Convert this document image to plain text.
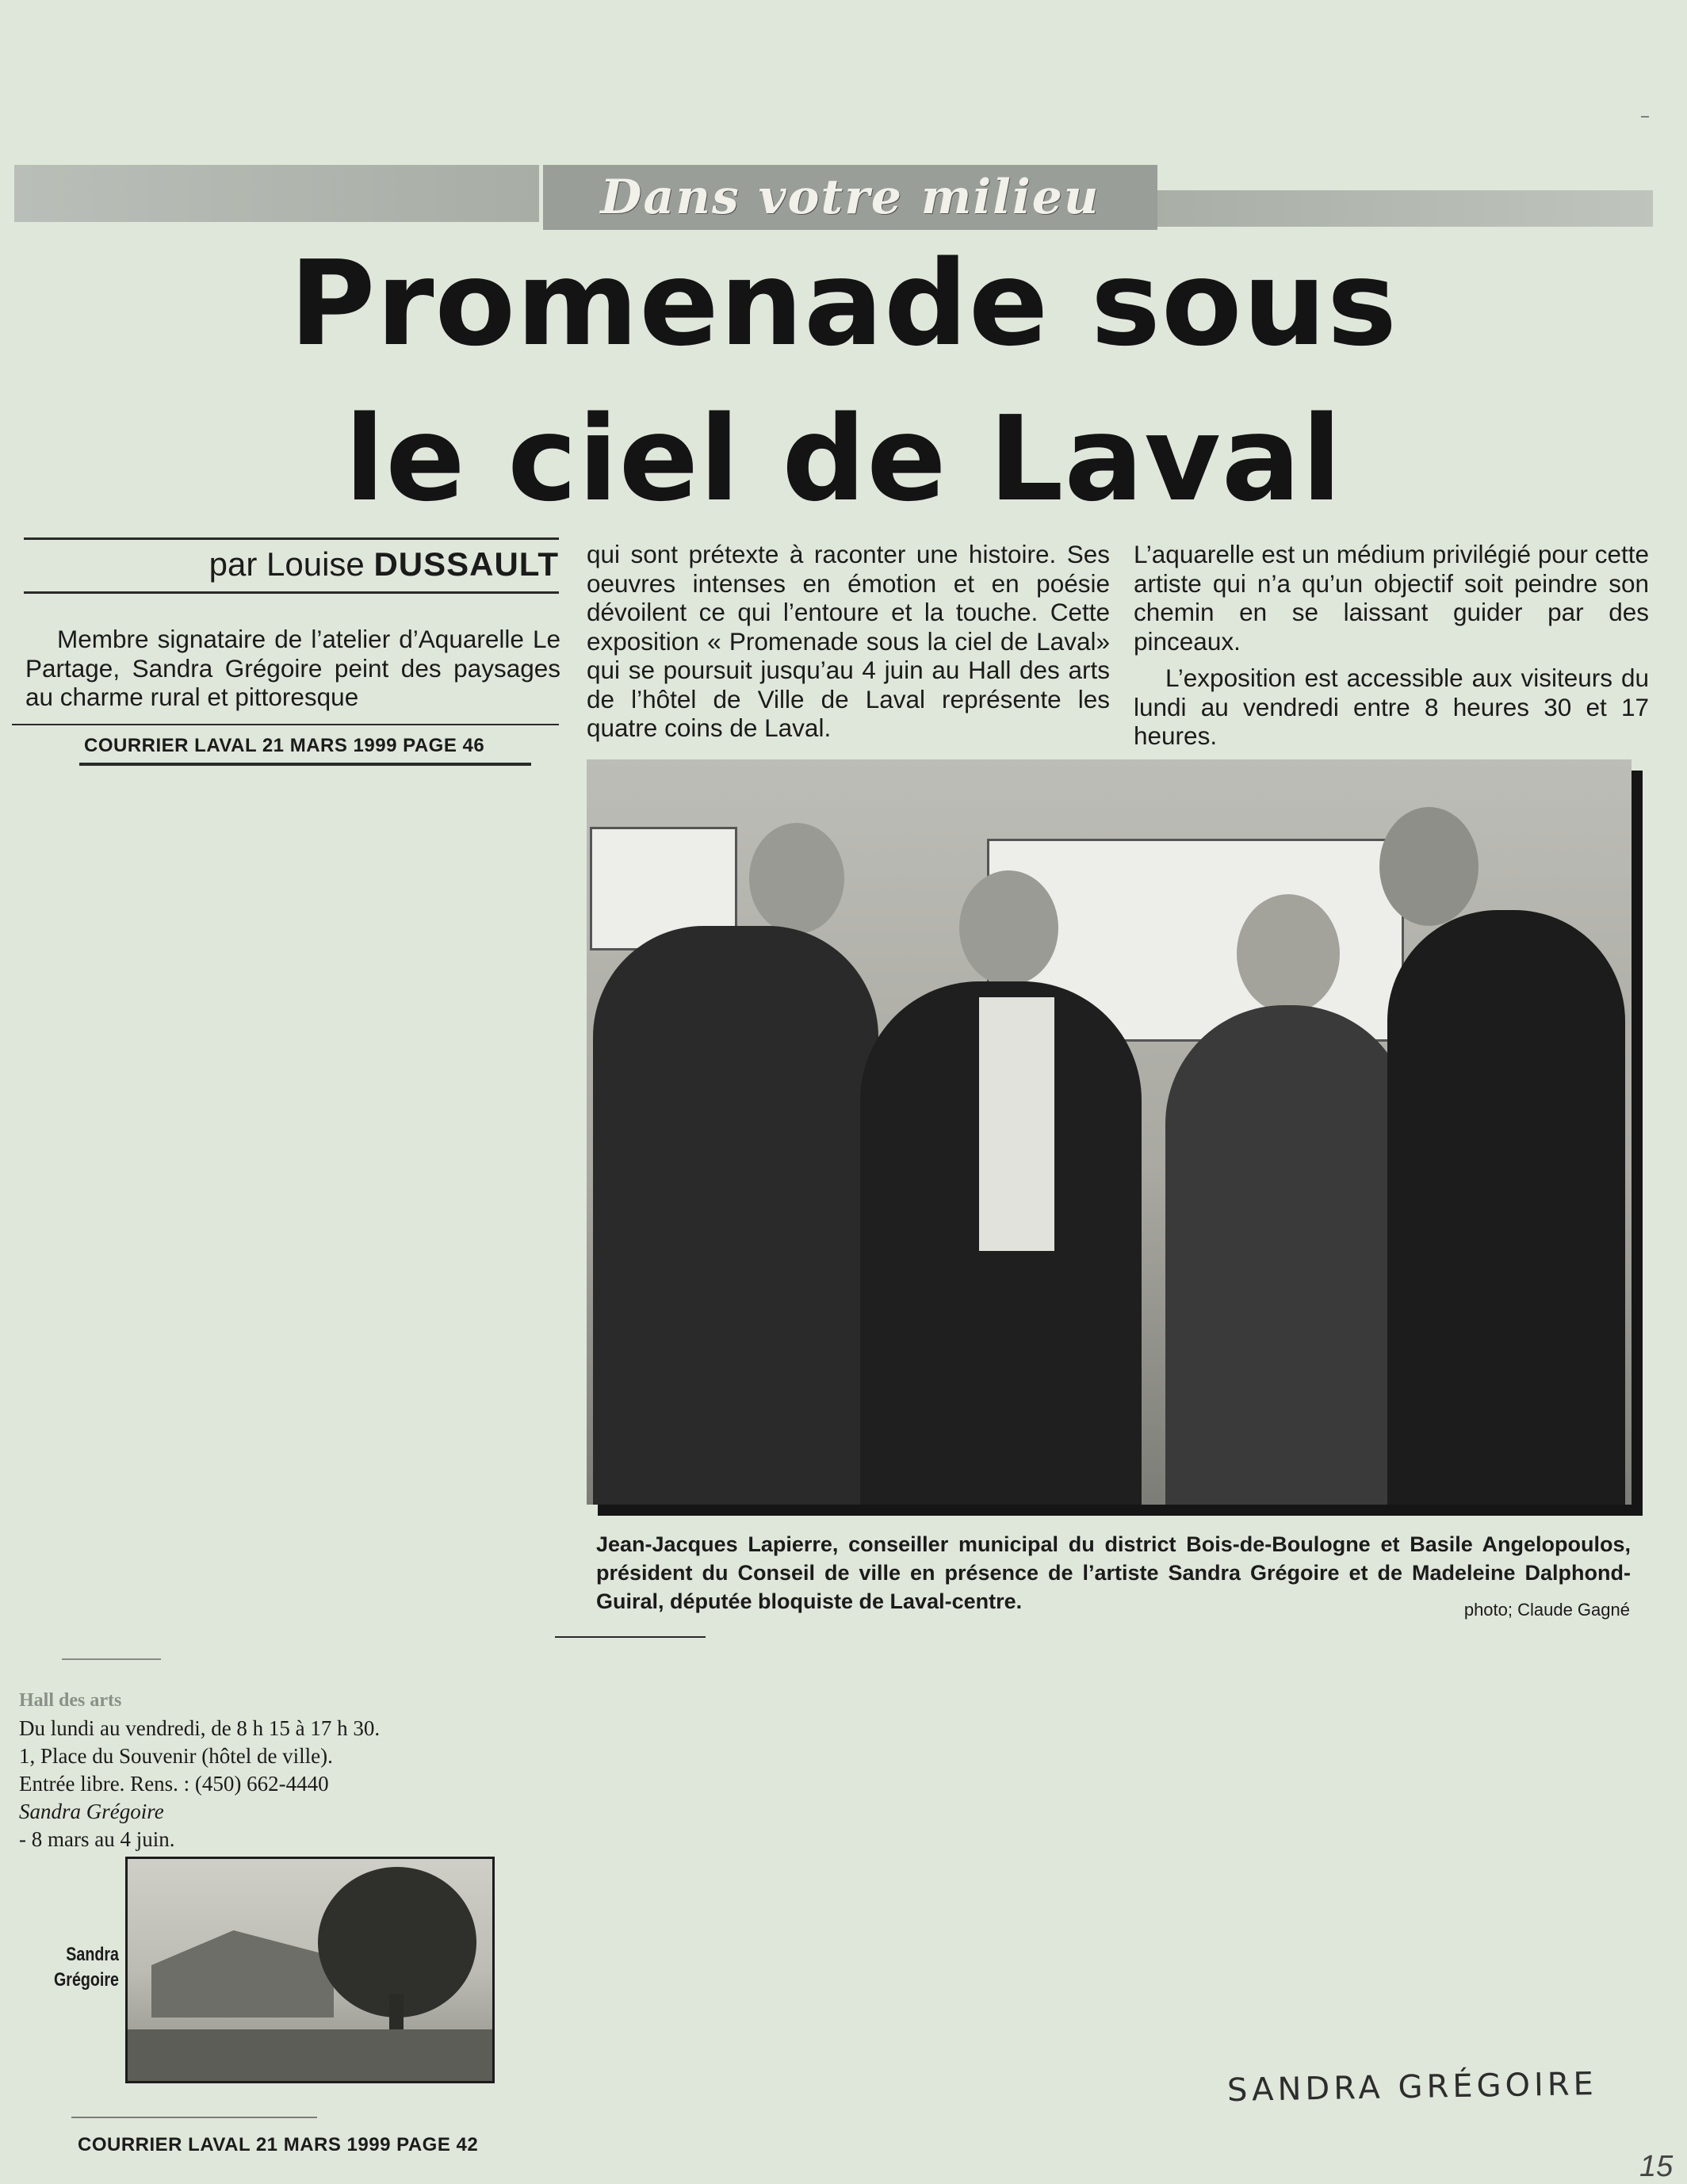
Dans votre milieu
–
Promenade sous
le ciel de Laval
par Louise DUSSAULT

Membre signataire de l’atelier d’Aquarelle Le Partage, Sandra Grégoire peint des paysages au charme rural et pittoresque

COURRIER LAVAL 21 MARS 1999 PAGE 46

qui sont prétexte à raconter une histoire. Ses oeuvres intenses en émotion et en poésie dévoilent ce qui l’entoure et la touche. Cette exposition « Promenade sous la ciel de Laval» qui se poursuit jusqu’au 4 juin au Hall des arts de l’hôtel de Ville de Laval représente les quatre coins de Laval.

L’aquarelle est un médium privilégié pour cette artiste qui n’a qu’un objectif soit peindre son chemin en se laissant guider par des pinceaux.

L’exposition est accessible aux visiteurs du lundi au vendredi entre 8 heures 30 et 17 heures.

Jean-Jacques Lapierre, conseiller municipal du district Bois-de-Boulogne et Basile Angelopoulos, président du Conseil de ville en présence de l’artiste Sandra Grégoire et de Madeleine Dalphond-Guiral, députée bloquiste de Laval-centre.	photo; Claude Gagné
Hall des arts
Du lundi au vendredi, de 8 h 15 à 17 h 30.
1, Place du Souvenir (hôtel de ville).
Entrée libre. Rens. : (450) 662-4440
Sandra Grégoire
- 8 mars au 4 juin.
Sandra
Grégoire
COURRIER LAVAL 21 MARS 1999 PAGE 42
SANDRA GRÉGOIRE
15
